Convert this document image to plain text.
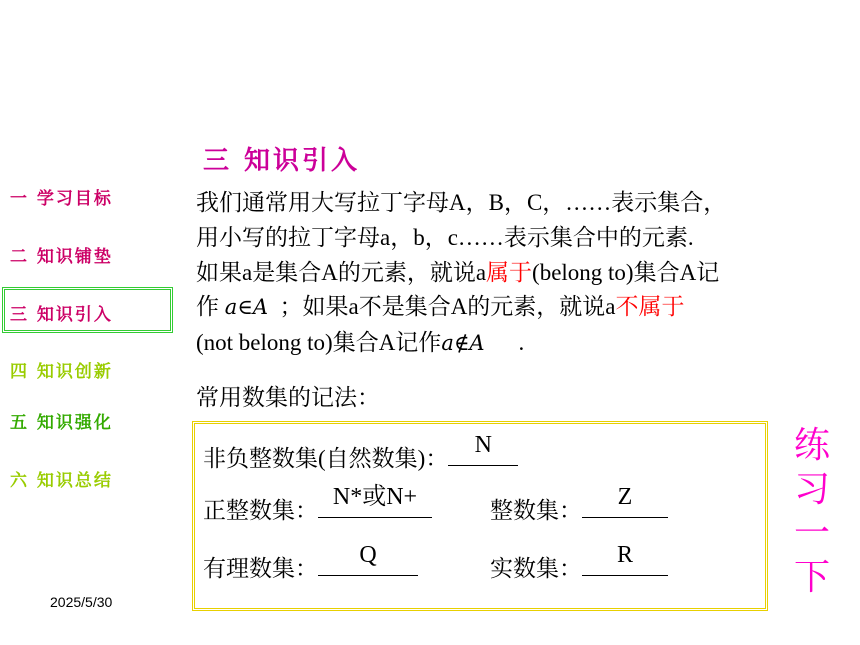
三 知识引入
一 学习目标
二 知识铺垫
三 知识引入
四 知识创新
五 知识强化
六 知识总结
我们通常用大写拉丁字母A，B，C，……表示集合，
用小写的拉丁字母a，b，c……表示集合中的元素.
如果a是集合A的元素，就说a属于(belong to)集合A记
作 a∈A ；如果a不是集合A的元素，就说a不属于
(not belong to)集合A记作a∉A .
常用数集的记法：
非负整数集(自然数集)：
N
正整数集：
N*或N+
整数集：
Z
有理数集：
Q
实数集：
R
练
习
一
下
2025/5/30
